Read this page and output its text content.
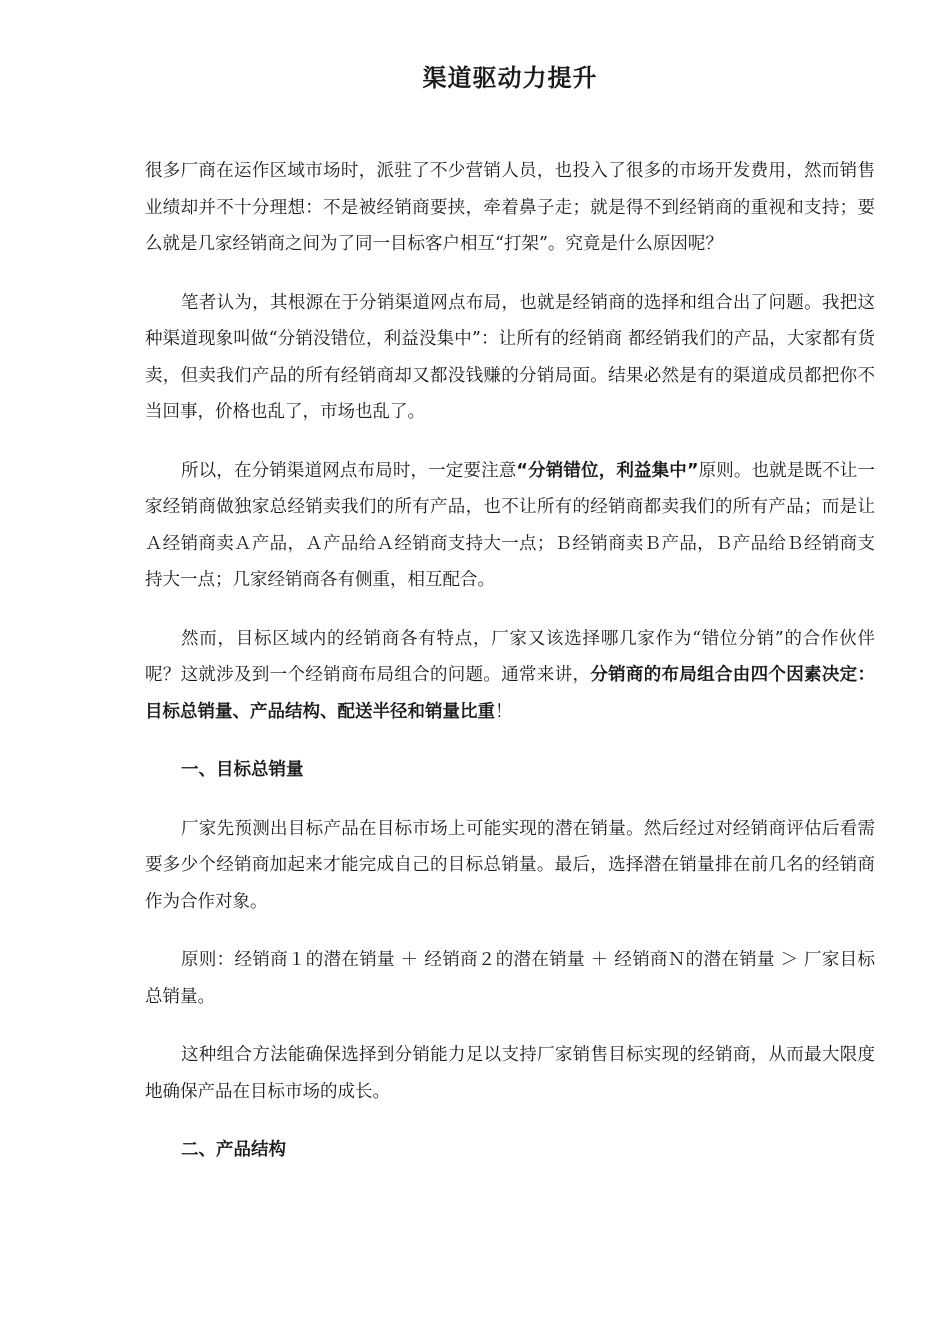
渠道驱动力提升

很多厂商在运作区域市场时，派驻了不少营销人员，也投入了很多的市场开发费用，然而销售业绩却并不十分理想：不是被经销商要挟，牵着鼻子走；就是得不到经销商的重视和支持；要么就是几家经销商之间为了同一目标客户相互“打架”。究竟是什么原因呢？

笔者认为，其根源在于分销渠道网点布局，也就是经销商的选择和组合出了问题。我把这种渠道现象叫做“分销没错位，利益没集中”：让所有的经销商 都经销我们的产品，大家都有货卖，但卖我们产品的所有经销商却又都没钱赚的分销局面。结果必然是有的渠道成员都把你不当回事，价格也乱了，市场也乱了。

所以，在分销渠道网点布局时，一定要注意“分销错位，利益集中”原则。也就是既不让一家经销商做独家总经销卖我们的所有产品，也不让所有的经销商都卖我们的所有产品；而是让Ａ经销商卖Ａ产品，Ａ产品给Ａ经销商支持大一点；Ｂ经销商卖Ｂ产品，Ｂ产品给Ｂ经销商支持大一点；几家经销商各有侧重，相互配合。

然而，目标区域内的经销商各有特点，厂家又该选择哪几家作为“错位分销”的合作伙伴呢？这就涉及到一个经销商布局组合的问题。通常来讲，分销商的布局组合由四个因素决定：目标总销量、产品结构、配送半径和销量比重！

一、目标总销量

厂家先预测出目标产品在目标市场上可能实现的潜在销量。然后经过对经销商评估后看需要多少个经销商加起来才能完成自己的目标总销量。最后，选择潜在销量排在前几名的经销商作为合作对象。

原则：经销商１的潜在销量 ＋ 经销商２的潜在销量 ＋ 经销商Ｎ的潜在销量 ＞ 厂家目标总销量。

这种组合方法能确保选择到分销能力足以支持厂家销售目标实现的经销商，从而最大限度地确保产品在目标市场的成长。

二、产品结构
